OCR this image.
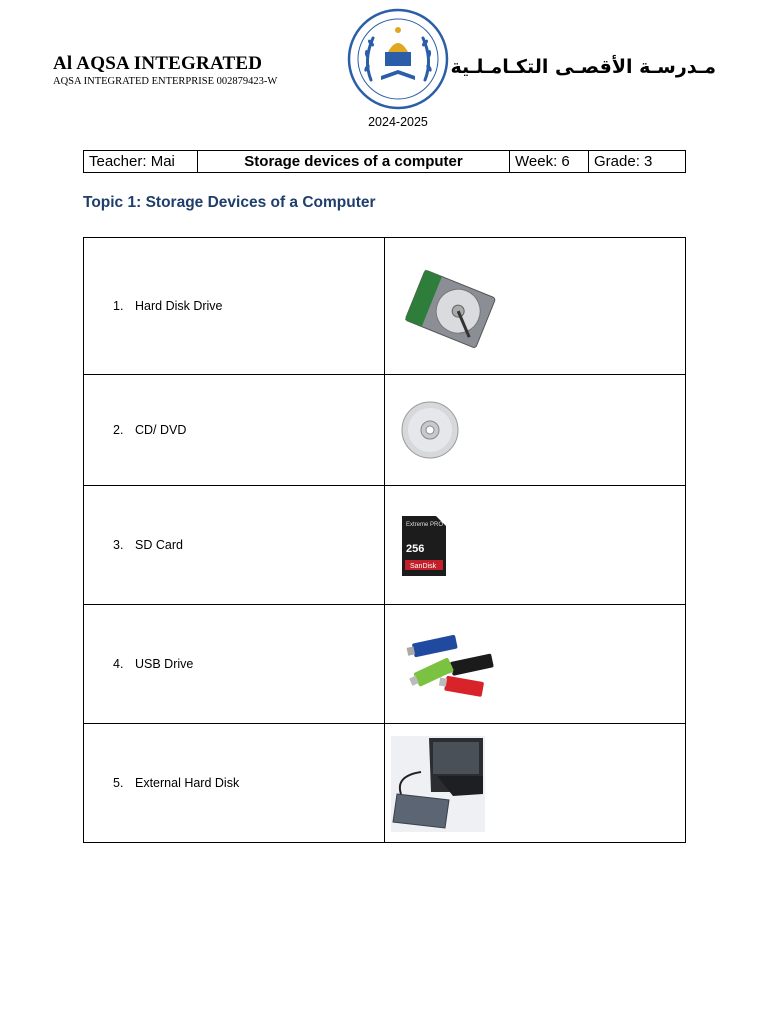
Al AQSA INTEGRATED
AQSA INTEGRATED ENTERPRISE 002879423-W
مـدرسـة الأقصـى التكـامـلـية
2024-2025
Teacher: Mai	Storage devices of a computer	Week: 6	Grade: 3
Topic 1: Storage Devices of a Computer
1. Hard Disk Drive

2. CD/ DVD

3. SD Card	Extreme PRO
256
SanDisk

4. USB Drive

5. External Hard Disk
